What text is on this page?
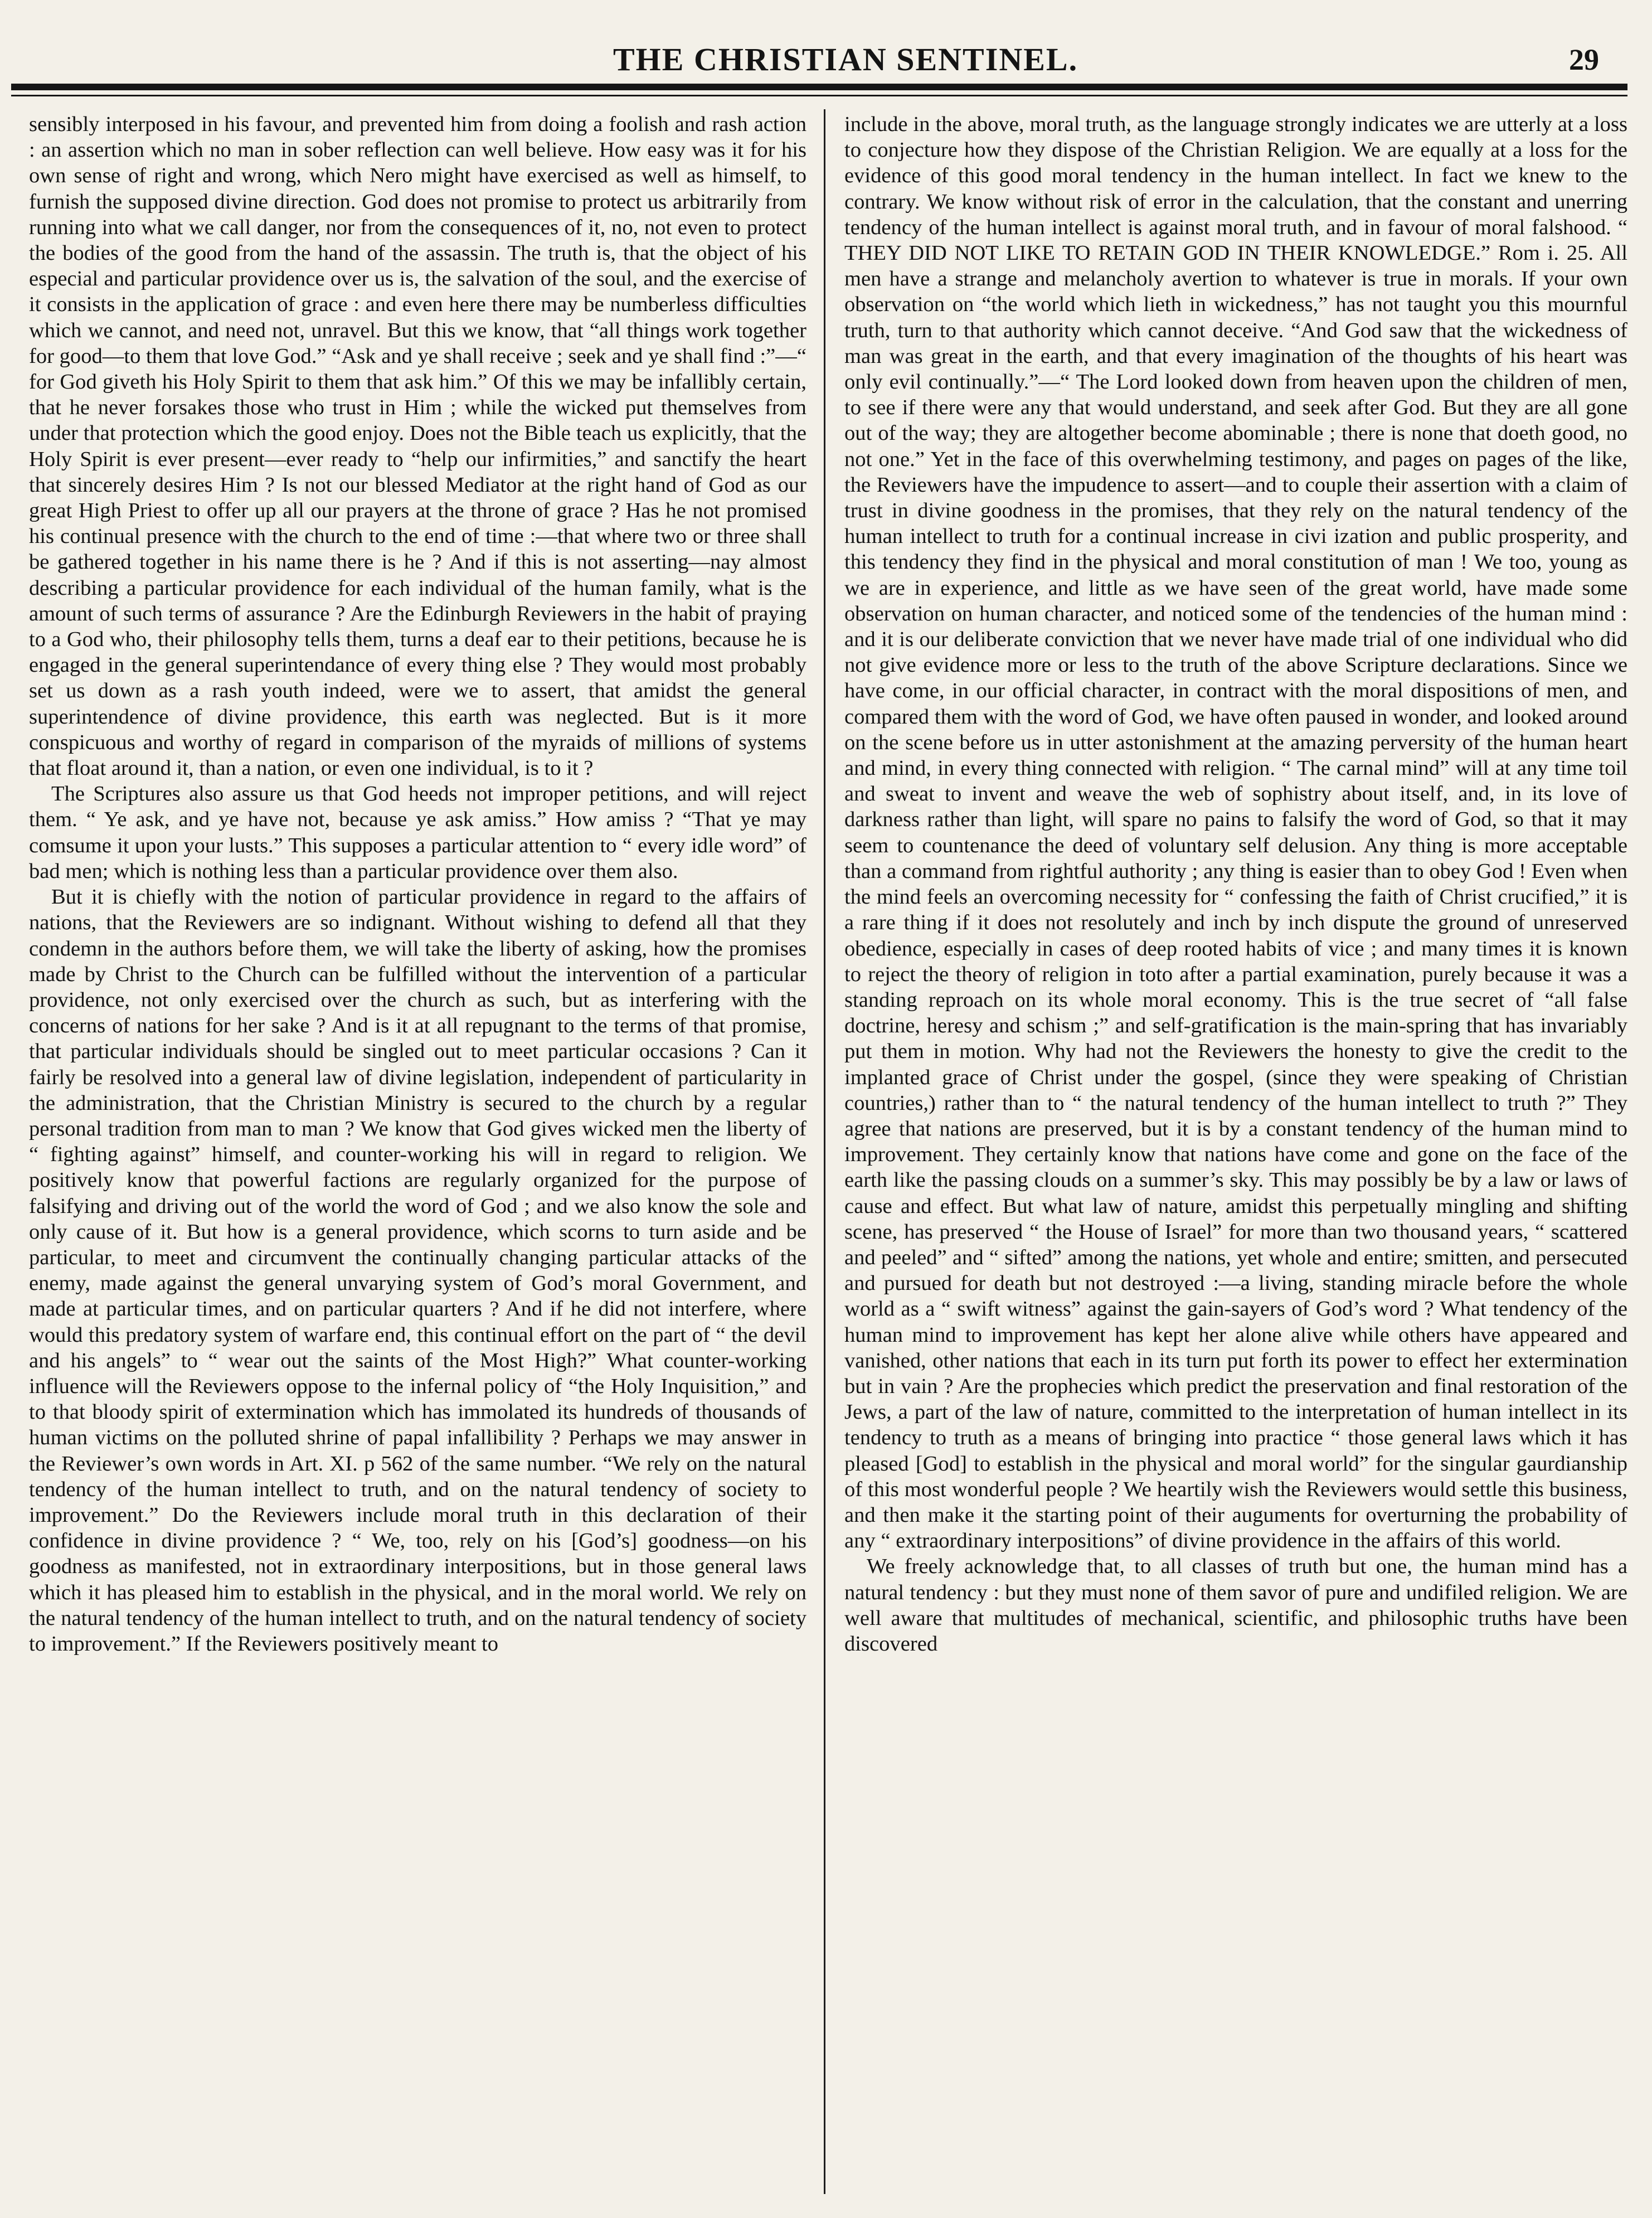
THE CHRISTIAN SENTINEL.	29

sensibly interposed in his favour, and prevented him from doing a foolish and rash action : an assertion which no man in sober reflection can well believe. How easy was it for his own sense of right and wrong, which Nero might have exercised as well as himself, to furnish the supposed divine direction. God does not promise to protect us arbitrarily from running into what we call danger, nor from the consequences of it, no, not even to protect the bodies of the good from the hand of the assassin. The truth is, that the object of his especial and particular providence over us is, the salvation of the soul, and the exercise of it consists in the application of grace : and even here there may be numberless difficulties which we cannot, and need not, unravel. But this we know, that “all things work together for good—to them that love God.” “Ask and ye shall receive ; seek and ye shall find :”—“ for God giveth his Holy Spirit to them that ask him.” Of this we may be infallibly certain, that he never forsakes those who trust in Him ; while the wicked put themselves from under that protection which the good enjoy. Does not the Bible teach us explicitly, that the Holy Spirit is ever present—ever ready to “help our infirmities,” and sanctify the heart that sincerely desires Him ? Is not our blessed Mediator at the right hand of God as our great High Priest to offer up all our prayers at the throne of grace ? Has he not promised his continual presence with the church to the end of time :—that where two or three shall be gathered together in his name there is he ? And if this is not asserting—nay almost describing a particular providence for each individual of the human family, what is the amount of such terms of assurance ? Are the Edinburgh Reviewers in the habit of praying to a God who, their philosophy tells them, turns a deaf ear to their petitions, because he is engaged in the general superintendance of every thing else ? They would most probably set us down as a rash youth indeed, were we to assert, that amidst the general superintendence of divine providence, this earth was neglected. But is it more conspicuous and worthy of regard in comparison of the myraids of millions of systems that float around it, than a nation, or even one individual, is to it ?

The Scriptures also assure us that God heeds not improper petitions, and will reject them. “ Ye ask, and ye have not, because ye ask amiss.” How amiss ? “That ye may comsume it upon your lusts.” This supposes a particular attention to “ every idle word” of bad men; which is nothing less than a particular providence over them also.

But it is chiefly with the notion of particular providence in regard to the affairs of nations, that the Reviewers are so indignant. Without wishing to defend all that they condemn in the authors before them, we will take the liberty of asking, how the promises made by Christ to the Church can be fulfilled without the intervention of a particular providence, not only exercised over the church as such, but as interfering with the concerns of nations for her sake ? And is it at all repugnant to the terms of that promise, that particular individuals should be singled out to meet particular occasions ? Can it fairly be resolved into a general law of divine legislation, independent of particularity in the administration, that the Christian Ministry is secured to the church by a regular personal tradition from man to man ? We know that God gives wicked men the liberty of “ fighting against” himself, and counter-working his will in regard to religion. We positively know that powerful factions are regularly organized for the purpose of falsifying and driving out of the world the word of God ; and we also know the sole and only cause of it. But how is a general providence, which scorns to turn aside and be particular, to meet and circumvent the continually changing particular attacks of the enemy, made against the general unvarying system of God’s moral Government, and made at particular times, and on particular quarters ? And if he did not interfere, where would this predatory system of warfare end, this continual effort on the part of “ the devil and his angels” to “ wear out the saints of the Most High?” What counter-working influence will the Reviewers oppose to the infernal policy of “the Holy Inquisition,” and to that bloody spirit of extermination which has immolated its hundreds of thousands of human victims on the polluted shrine of papal infallibility ? Perhaps we may answer in the Reviewer’s own words in Art. XI. p 562 of the same number. “We rely on the natural tendency of the human intellect to truth, and on the natural tendency of society to improvement.” Do the Reviewers include moral truth in this declaration of their confidence in divine providence ? “ We, too, rely on his [God’s] goodness—on his goodness as manifested, not in extraordinary interpositions, but in those general laws which it has pleased him to establish in the physical, and in the moral world. We rely on the natural tendency of the human intellect to truth, and on the natural tendency of society to improvement.” If the Reviewers positively meant to

include in the above, moral truth, as the language strongly indicates we are utterly at a loss to conjecture how they dispose of the Christian Religion. We are equally at a loss for the evidence of this good moral tendency in the human intellect. In fact we knew to the contrary. We know without risk of error in the calculation, that the constant and unerring tendency of the human intellect is against moral truth, and in favour of moral falshood. “ THEY DID NOT LIKE TO RETAIN GOD IN THEIR KNOWLEDGE.” Rom i. 25. All men have a strange and melancholy avertion to whatever is true in morals. If your own observation on “the world which lieth in wickedness,” has not taught you this mournful truth, turn to that authority which cannot deceive. “And God saw that the wickedness of man was great in the earth, and that every imagination of the thoughts of his heart was only evil continually.”—“ The Lord looked down from heaven upon the children of men, to see if there were any that would understand, and seek after God. But they are all gone out of the way; they are altogether become abominable ; there is none that doeth good, no not one.” Yet in the face of this overwhelming testimony, and pages on pages of the like, the Reviewers have the impudence to assert—and to couple their assertion with a claim of trust in divine goodness in the promises, that they rely on the natural tendency of the human intellect to truth for a continual increase in civi ization and public prosperity, and this tendency they find in the physical and moral constitution of man ! We too, young as we are in experience, and little as we have seen of the great world, have made some observation on human character, and noticed some of the tendencies of the human mind : and it is our deliberate conviction that we never have made trial of one individual who did not give evidence more or less to the truth of the above Scripture declarations. Since we have come, in our official character, in contract with the moral dispositions of men, and compared them with the word of God, we have often paused in wonder, and looked around on the scene before us in utter astonishment at the amazing perversity of the human heart and mind, in every thing connected with religion. “ The carnal mind” will at any time toil and sweat to invent and weave the web of sophistry about itself, and, in its love of darkness rather than light, will spare no pains to falsify the word of God, so that it may seem to countenance the deed of voluntary self delusion. Any thing is more acceptable than a command from rightful authority ; any thing is easier than to obey God ! Even when the mind feels an overcoming necessity for “ confessing the faith of Christ crucified,” it is a rare thing if it does not resolutely and inch by inch dispute the ground of unreserved obedience, especially in cases of deep rooted habits of vice ; and many times it is known to reject the theory of religion in toto after a partial examination, purely because it was a standing reproach on its whole moral economy. This is the true secret of “all false doctrine, heresy and schism ;” and self-gratification is the main-spring that has invariably put them in motion. Why had not the Reviewers the honesty to give the credit to the implanted grace of Christ under the gospel, (since they were speaking of Christian countries,) rather than to “ the natural tendency of the human intellect to truth ?” They agree that nations are preserved, but it is by a constant tendency of the human mind to improvement. They certainly know that nations have come and gone on the face of the earth like the passing clouds on a summer’s sky. This may possibly be by a law or laws of cause and effect. But what law of nature, amidst this perpetually mingling and shifting scene, has preserved “ the House of Israel” for more than two thousand years, “ scattered and peeled” and “ sifted” among the nations, yet whole and entire; smitten, and persecuted and pursued for death but not destroyed :—a living, standing miracle before the whole world as a “ swift witness” against the gain-sayers of God’s word ? What tendency of the human mind to improvement has kept her alone alive while others have appeared and vanished, other nations that each in its turn put forth its power to effect her extermination but in vain ? Are the prophecies which predict the preservation and final restoration of the Jews, a part of the law of nature, committed to the interpretation of human intellect in its tendency to truth as a means of bringing into practice “ those general laws which it has pleased [God] to establish in the physical and moral world” for the singular gaurdianship of this most wonderful people ? We heartily wish the Reviewers would settle this business, and then make it the starting point of their auguments for overturning the probability of any “ extraordinary interpositions” of divine providence in the affairs of this world.

We freely acknowledge that, to all classes of truth but one, the human mind has a natural tendency : but they must none of them savor of pure and undifiled religion. We are well aware that multitudes of mechanical, scientific, and philosophic truths have been discovered
